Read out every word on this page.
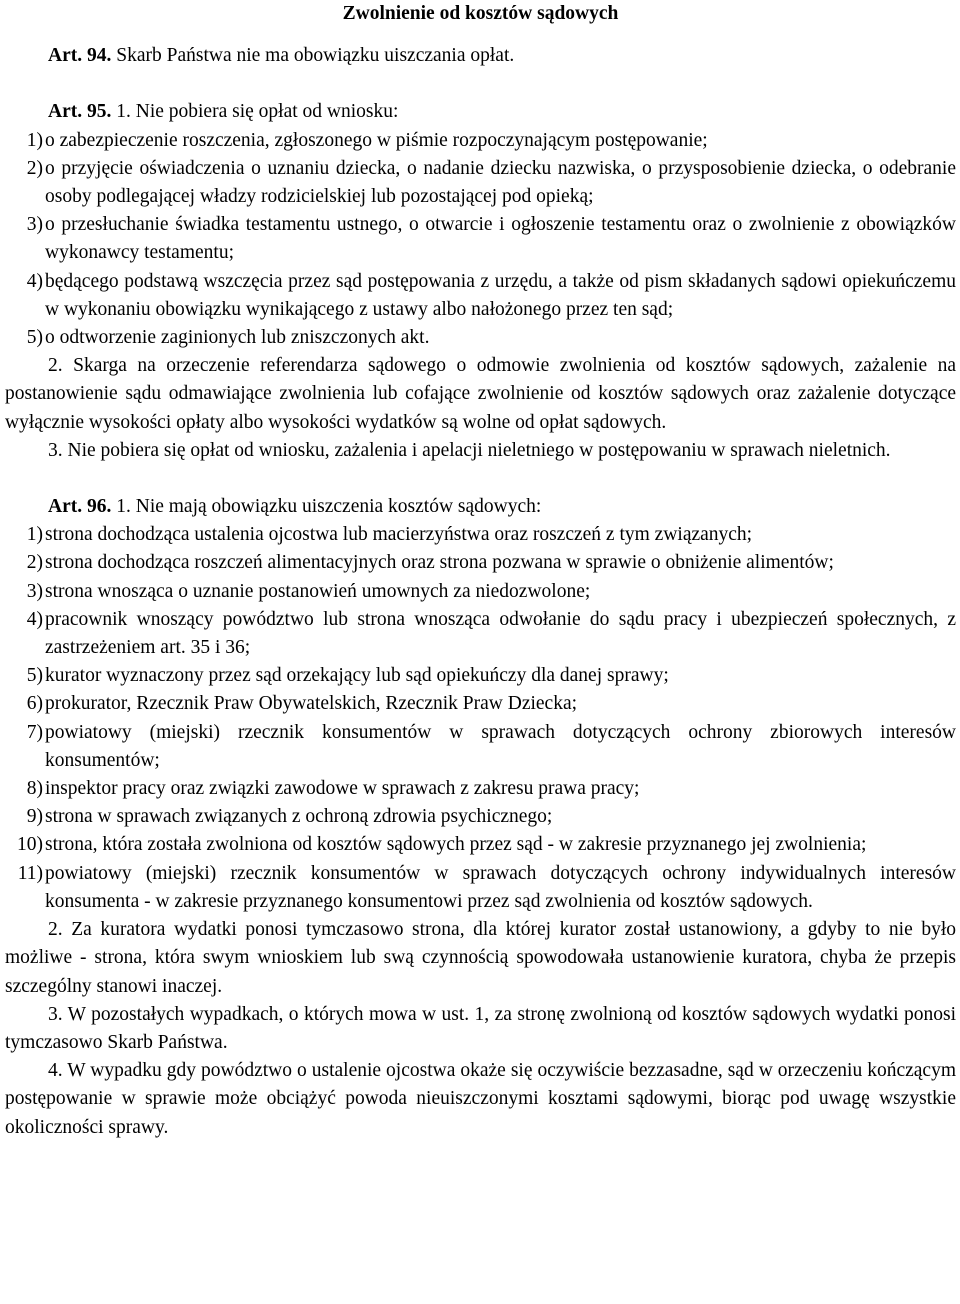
Zwolnienie od kosztów sądowych

Art. 94. Skarb Państwa nie ma obowiązku uiszczania opłat.

Art. 95. 1. Nie pobiera się opłat od wniosku:

1) o zabezpieczenie roszczenia, zgłoszonego w piśmie rozpoczynającym postępowanie;
2) o przyjęcie oświadczenia o uznaniu dziecka, o nadanie dziecku nazwiska, o przysposobienie dziecka, o odebranie osoby podlegającej władzy rodzicielskiej lub pozostającej pod opieką;
3) o przesłuchanie świadka testamentu ustnego, o otwarcie i ogłoszenie testamentu oraz o zwolnienie z obowiązków wykonawcy testamentu;
4) będącego podstawą wszczęcia przez sąd postępowania z urzędu, a także od pism składanych sądowi opiekuńczemu w wykonaniu obowiązku wynikającego z ustawy albo nałożonego przez ten sąd;
5) o odtworzenie zaginionych lub zniszczonych akt.

2. Skarga na orzeczenie referendarza sądowego o odmowie zwolnienia od kosztów sądowych, zażalenie na postanowienie sądu odmawiające zwolnienia lub cofające zwolnienie od kosztów sądowych oraz zażalenie dotyczące wyłącznie wysokości opłaty albo wysokości wydatków są wolne od opłat sądowych.

3. Nie pobiera się opłat od wniosku, zażalenia i apelacji nieletniego w postępowaniu w sprawach nieletnich.

Art. 96. 1. Nie mają obowiązku uiszczenia kosztów sądowych:

1) strona dochodząca ustalenia ojcostwa lub macierzyństwa oraz roszczeń z tym związanych;
2) strona dochodząca roszczeń alimentacyjnych oraz strona pozwana w sprawie o obniżenie alimentów;
3) strona wnosząca o uznanie postanowień umownych za niedozwolone;
4) pracownik wnoszący powództwo lub strona wnosząca odwołanie do sądu pracy i ubezpieczeń społecznych, z zastrzeżeniem art. 35 i 36;
5) kurator wyznaczony przez sąd orzekający lub sąd opiekuńczy dla danej sprawy;
6) prokurator, Rzecznik Praw Obywatelskich, Rzecznik Praw Dziecka;
7) powiatowy (miejski) rzecznik konsumentów w sprawach dotyczących ochrony zbiorowych interesów konsumentów;
8) inspektor pracy oraz związki zawodowe w sprawach z zakresu prawa pracy;
9) strona w sprawach związanych z ochroną zdrowia psychicznego;
10) strona, która została zwolniona od kosztów sądowych przez sąd - w zakresie przyznanego jej zwolnienia;
11) powiatowy (miejski) rzecznik konsumentów w sprawach dotyczących ochrony indywidualnych interesów konsumenta - w zakresie przyznanego konsumentowi przez sąd zwolnienia od kosztów sądowych.

2. Za kuratora wydatki ponosi tymczasowo strona, dla której kurator został ustanowiony, a gdyby to nie było możliwe - strona, która swym wnioskiem lub swą czynnością spowodowała ustanowienie kuratora, chyba że przepis szczególny stanowi inaczej.

3. W pozostałych wypadkach, o których mowa w ust. 1, za stronę zwolnioną od kosztów sądowych wydatki ponosi tymczasowo Skarb Państwa.

4. W wypadku gdy powództwo o ustalenie ojcostwa okaże się oczywiście bezzasadne, sąd w orzeczeniu kończącym postępowanie w sprawie może obciążyć powoda nieuiszczonymi kosztami sądowymi, biorąc pod uwagę wszystkie okoliczności sprawy.
